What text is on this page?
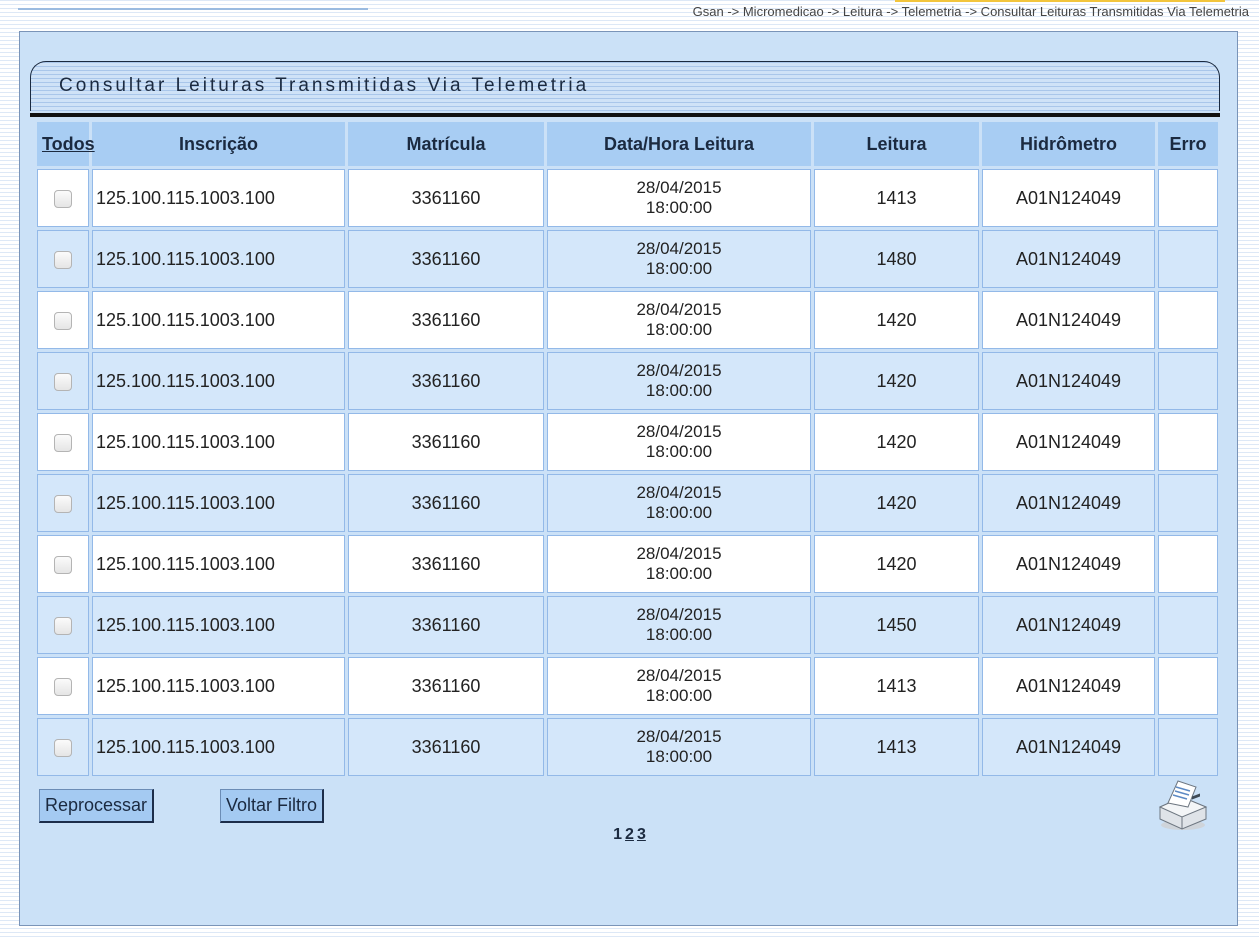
Gsan -> Micromedicao -> Leitura -> Telemetria -> Consultar Leituras Transmitidas Via Telemetria
Consultar Leituras Transmitidas Via Telemetria
Todos	Inscrição	Matrícula	Data/Hora Leitura	Leitura	Hidrômetro	Erro
	125.100.115.1003.100	3361160	28/04/2015
18:00:00	1413	A01N124049	
	125.100.115.1003.100	3361160	28/04/2015
18:00:00	1480	A01N124049	
	125.100.115.1003.100	3361160	28/04/2015
18:00:00	1420	A01N124049	
	125.100.115.1003.100	3361160	28/04/2015
18:00:00	1420	A01N124049	
	125.100.115.1003.100	3361160	28/04/2015
18:00:00	1420	A01N124049	
	125.100.115.1003.100	3361160	28/04/2015
18:00:00	1420	A01N124049	
	125.100.115.1003.100	3361160	28/04/2015
18:00:00	1420	A01N124049	
	125.100.115.1003.100	3361160	28/04/2015
18:00:00	1450	A01N124049	
	125.100.115.1003.100	3361160	28/04/2015
18:00:00	1413	A01N124049	
	125.100.115.1003.100	3361160	28/04/2015
18:00:00	1413	A01N124049	
1 2 3
Reprocessar	Voltar Filtro
